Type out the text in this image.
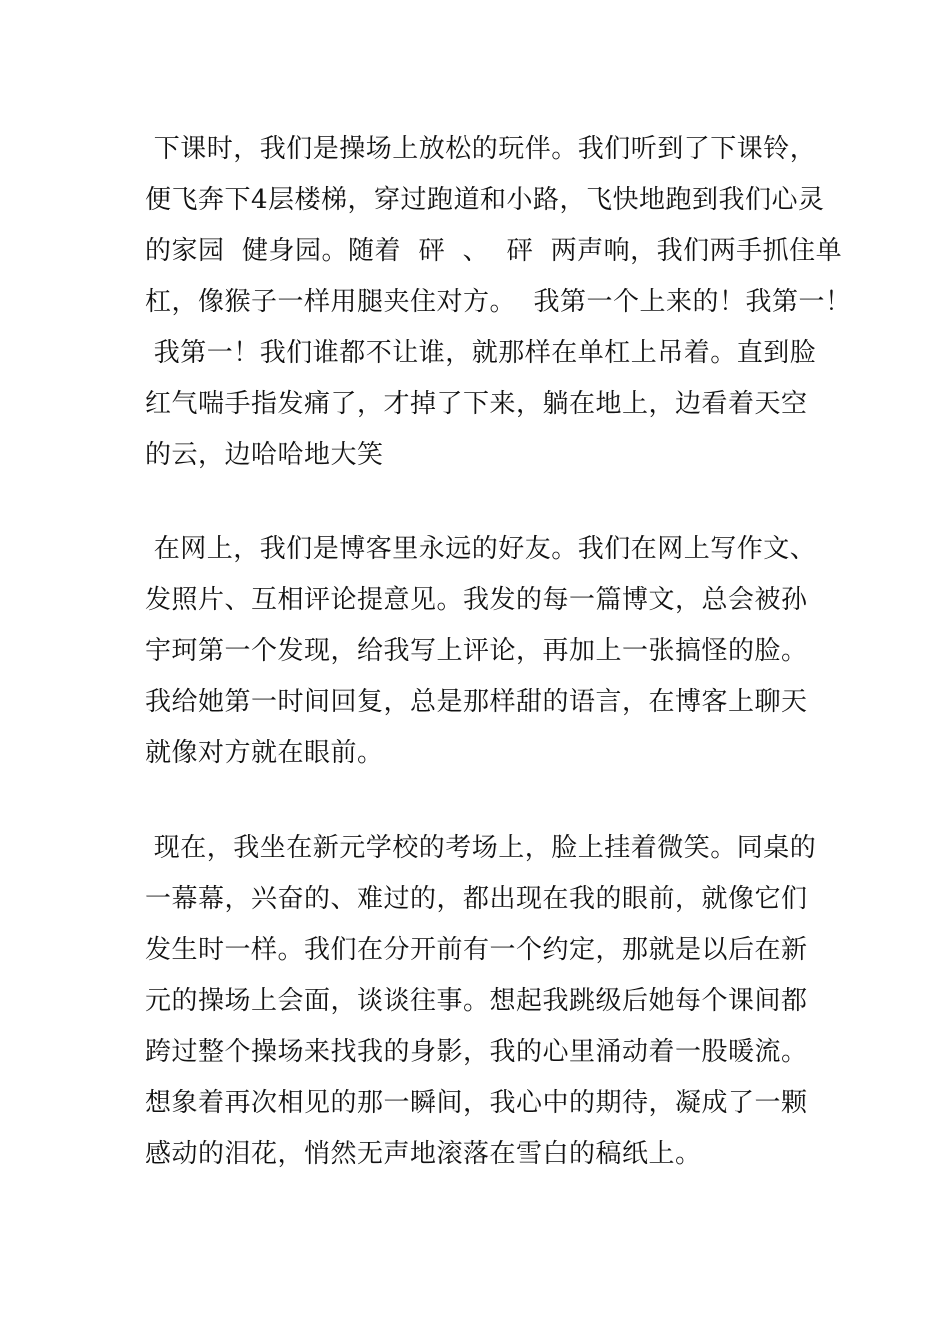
下课时，我们是操场上放松的玩伴。我们听到了下课铃，
便飞奔下4层楼梯，穿过跑道和小路，飞快地跑到我们心灵
的家园  健身园。随着  砰  、  砰  两声响，我们两手抓住单
杠，像猴子一样用腿夹住对方。  我第一个上来的！我第一！
我第一！我们谁都不让谁，就那样在单杠上吊着。直到脸
红气喘手指发痛了，才掉了下来，躺在地上，边看着天空
的云，边哈哈地大笑
在网上，我们是博客里永远的好友。我们在网上写作文、
发照片、互相评论提意见。我发的每一篇博文，总会被孙
宇珂第一个发现，给我写上评论，再加上一张搞怪的脸。
我给她第一时间回复，总是那样甜的语言，在博客上聊天
就像对方就在眼前。
现在，我坐在新元学校的考场上，脸上挂着微笑。同桌的
一幕幕，兴奋的、难过的，都出现在我的眼前，就像它们
发生时一样。我们在分开前有一个约定，那就是以后在新
元的操场上会面，谈谈往事。想起我跳级后她每个课间都
跨过整个操场来找我的身影，我的心里涌动着一股暖流。
想象着再次相见的那一瞬间，我心中的期待，凝成了一颗
感动的泪花，悄然无声地滚落在雪白的稿纸上。
